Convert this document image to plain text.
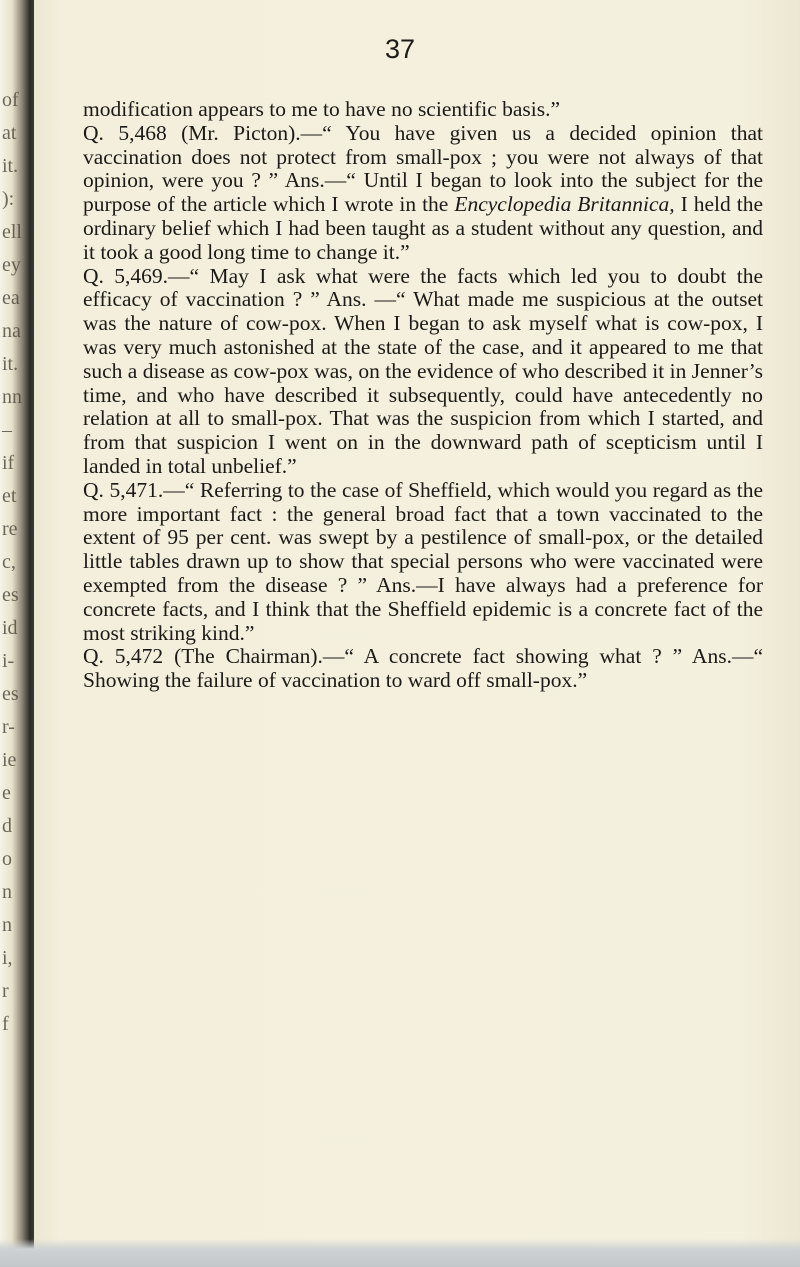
of
at
it.
):
ell
ey
ea
na
it.
nn
–
if
et
re
c,
es
id
i-
es
r-
ie
e
d
o
n
n
i,
r
f
37

modification appears to me to have no scientific basis.”

Q. 5,468 (Mr. Picton).—“ You have given us a decided opinion that vaccination does not protect from small-pox ; you were not always of that opinion, were you ? ” Ans.—“ Until I began to look into the subject for the purpose of the article which I wrote in the Encyclopedia Britannica, I held the ordinary belief which I had been taught as a student without any question, and it took a good long time to change it.”

Q. 5,469.—“ May I ask what were the facts which led you to doubt the efficacy of vaccination ? ” Ans. —“ What made me suspicious at the outset was the nature of cow-pox. When I began to ask myself what is cow-pox, I was very much astonished at the state of the case, and it appeared to me that such a disease as cow-pox was, on the evidence of who described it in Jenner’s time, and who have described it subsequently, could have antecedently no relation at all to small-pox. That was the suspicion from which I started, and from that suspicion I went on in the downward path of scepticism until I landed in total unbelief.”

Q. 5,471.—“ Referring to the case of Sheffield, which would you regard as the more important fact : the general broad fact that a town vaccinated to the extent of 95 per cent. was swept by a pestilence of small-pox, or the detailed little tables drawn up to show that special persons who were vaccinated were exempted from the disease ? ” Ans.—I have always had a preference for concrete facts, and I think that the Sheffield epidemic is a concrete fact of the most striking kind.”

Q. 5,472 (The Chairman).—“ A concrete fact showing what ? ” Ans.—“ Showing the failure of vaccination to ward off small-pox.”
